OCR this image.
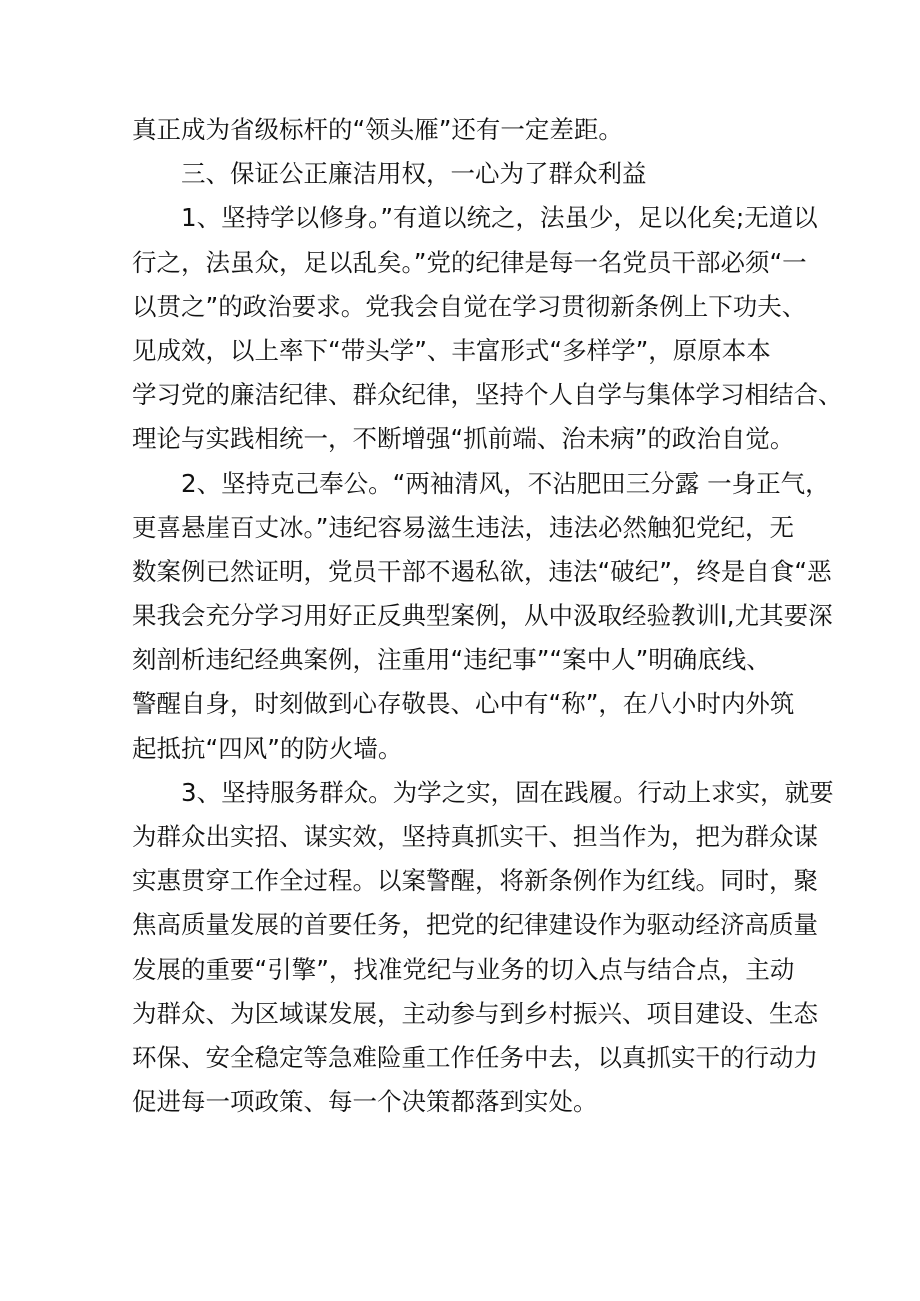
真正成为省级标杆的“领头雁”还有一定差距。
三、保证公正廉洁用权，一心为了群众利益
1、坚持学以修身。”有道以统之，法虽少，足以化矣;无道以
行之，法虽众，足以乱矣。”党的纪律是每一名党员干部必须“一
以贯之”的政治要求。党我会自觉在学习贯彻新条例上下功夫、
见成效，以上率下“带头学”、丰富形式“多样学”，原原本本
学习党的廉洁纪律、群众纪律，坚持个人自学与集体学习相结合、
理论与实践相统一，不断增强“抓前端、治未病”的政治自觉。
2、坚持克己奉公。“两袖清风，不沾肥田三分露 一身正气，
更喜悬崖百丈冰。”违纪容易滋生违法，违法必然触犯党纪，无
数案例已然证明，党员干部不遏私欲，违法“破纪”，终是自食“恶
果我会充分学习用好正反典型案例，从中汲取经验教训l,尤其要深
刻剖析违纪经典案例，注重用“违纪事”“案中人”明确底线、
警醒自身，时刻做到心存敬畏、心中有“称”，在八小时内外筑
起抵抗“四风”的防火墙。
3、坚持服务群众。为学之实，固在践履。行动上求实，就要
为群众出实招、谋实效，坚持真抓实干、担当作为，把为群众谋
实惠贯穿工作全过程。以案警醒，将新条例作为红线。同时，聚
焦高质量发展的首要任务，把党的纪律建设作为驱动经济高质量
发展的重要“引擎”，找准党纪与业务的切入点与结合点，主动
为群众、为区域谋发展，主动参与到乡村振兴、项目建设、生态
环保、安全稳定等急难险重工作任务中去，以真抓实干的行动力
促进每一项政策、每一个决策都落到实处。
